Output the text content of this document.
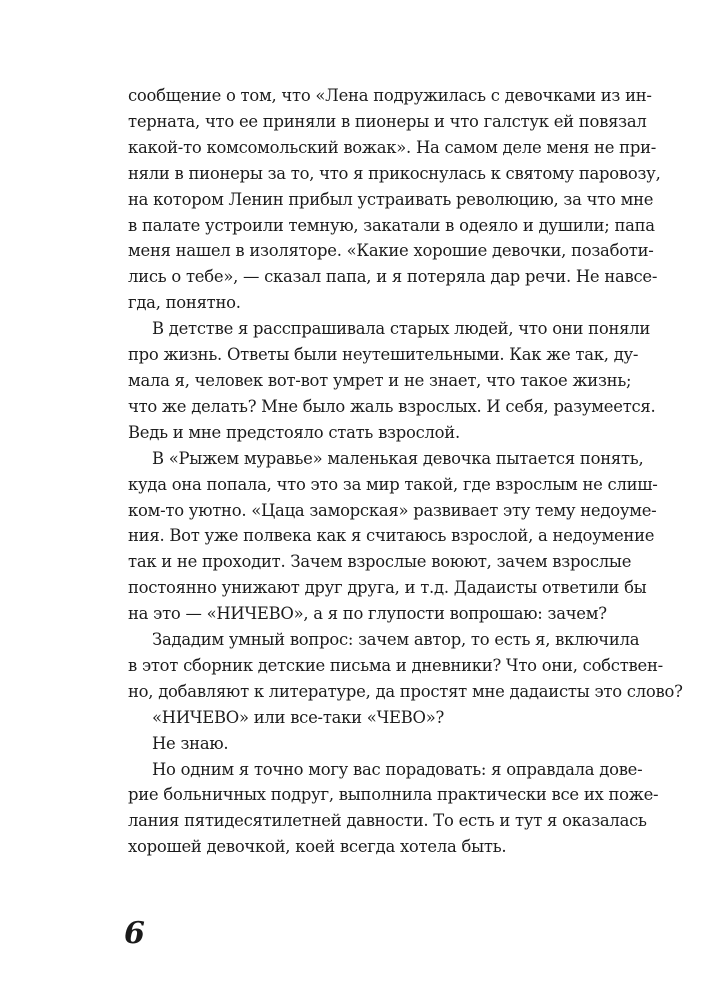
сообщение о том, что «Лена подружилась с девочками из ин-
терната, что ее приняли в пионеры и что галстук ей повязал
какой-то комсомольский вожак». На самом деле меня не при-
няли в пионеры за то, что я прикоснулась к святому паровозу,
на котором Ленин прибыл устраивать революцию, за что мне
в палате устроили темную, закатали в одеяло и душили; папа
меня нашел в изоляторе. «Какие хорошие девочки, позаботи-
лись о тебе», — сказал папа, и я потеряла дар речи. Не навсе-
гда, понятно.
В детстве я расспрашивала старых людей, что они поняли
про жизнь. Ответы были неутешительными. Как же так, ду-
мала я, человек вот-вот умрет и не знает, что такое жизнь;
что же делать? Мне было жаль взрослых. И себя, разумеется.
Ведь и мне предстояло стать взрослой.
В «Рыжем муравье» маленькая девочка пытается понять,
куда она попала, что это за мир такой, где взрослым не слиш-
ком-то уютно. «Цаца заморская» развивает эту тему недоуме-
ния. Вот уже полвека как я считаюсь взрослой, а недоумение
так и не проходит. Зачем взрослые воюют, зачем взрослые
постоянно унижают друг друга, и т.д. Дадаисты ответили бы
на это — «НИЧЕВО», а я по глупости вопрошаю: зачем?
Зададим умный вопрос: зачем автор, то есть я, включила
в этот сборник детские письма и дневники? Что они, собствен-
но, добавляют к литературе, да простят мне дадаисты это слово?
«НИЧЕВО» или все-таки «ЧЕВО»?
Не знаю.
Но одним я точно могу вас порадовать: я оправдала дове-
рие больничных подруг, выполнила практически все их поже-
лания пятидесятилетней давности. То есть и тут я оказалась
хорошей девочкой, коей всегда хотела быть.
6
